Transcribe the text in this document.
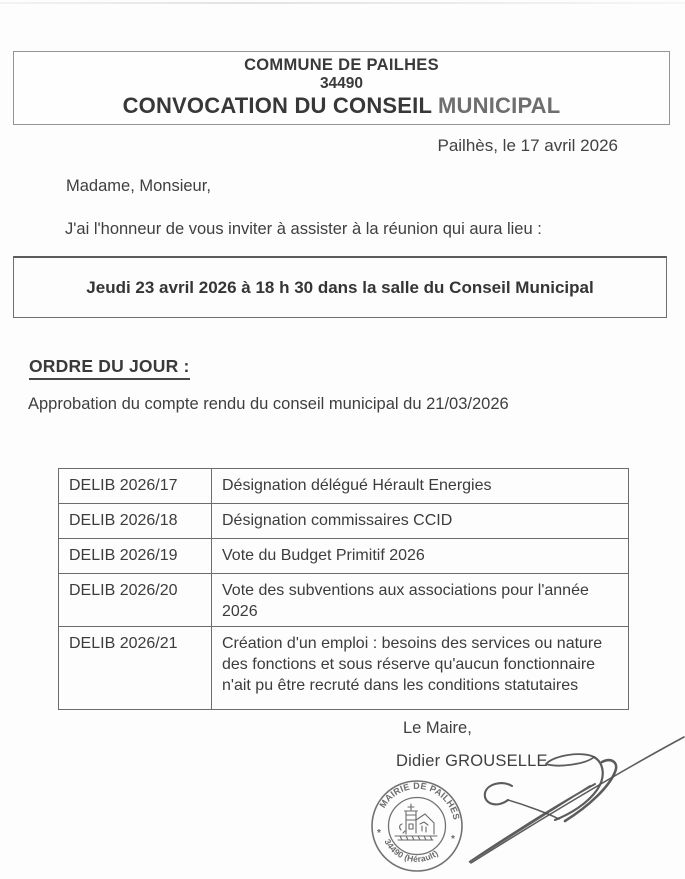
COMMUNE DE PAILHES
34490
CONVOCATION DU CONSEIL MUNICIPAL
Pailhès, le 17 avril 2026
Madame, Monsieur,
J'ai l'honneur de vous inviter à assister à la réunion qui aura lieu :
Jeudi 23 avril 2026 à 18 h 30 dans la salle du Conseil Municipal
ORDRE DU JOUR :
Approbation du compte rendu du conseil municipal du 21/03/2026
DELIB 2026/17	Désignation délégué Hérault Energies
DELIB 2026/18	Désignation commissaires CCID
DELIB 2026/19	Vote du Budget Primitif 2026
DELIB 2026/20	Vote des subventions aux associations pour l'année 2026
DELIB 2026/21	Création d'un emploi : besoins des services ou nature des fonctions et sous réserve qu'aucun fonctionnaire n'ait pu être recruté dans les conditions statutaires
Le Maire,
Didier GROUSELLE
MAIRIE DE PAILHES
34490 (Hérault)
*
*
